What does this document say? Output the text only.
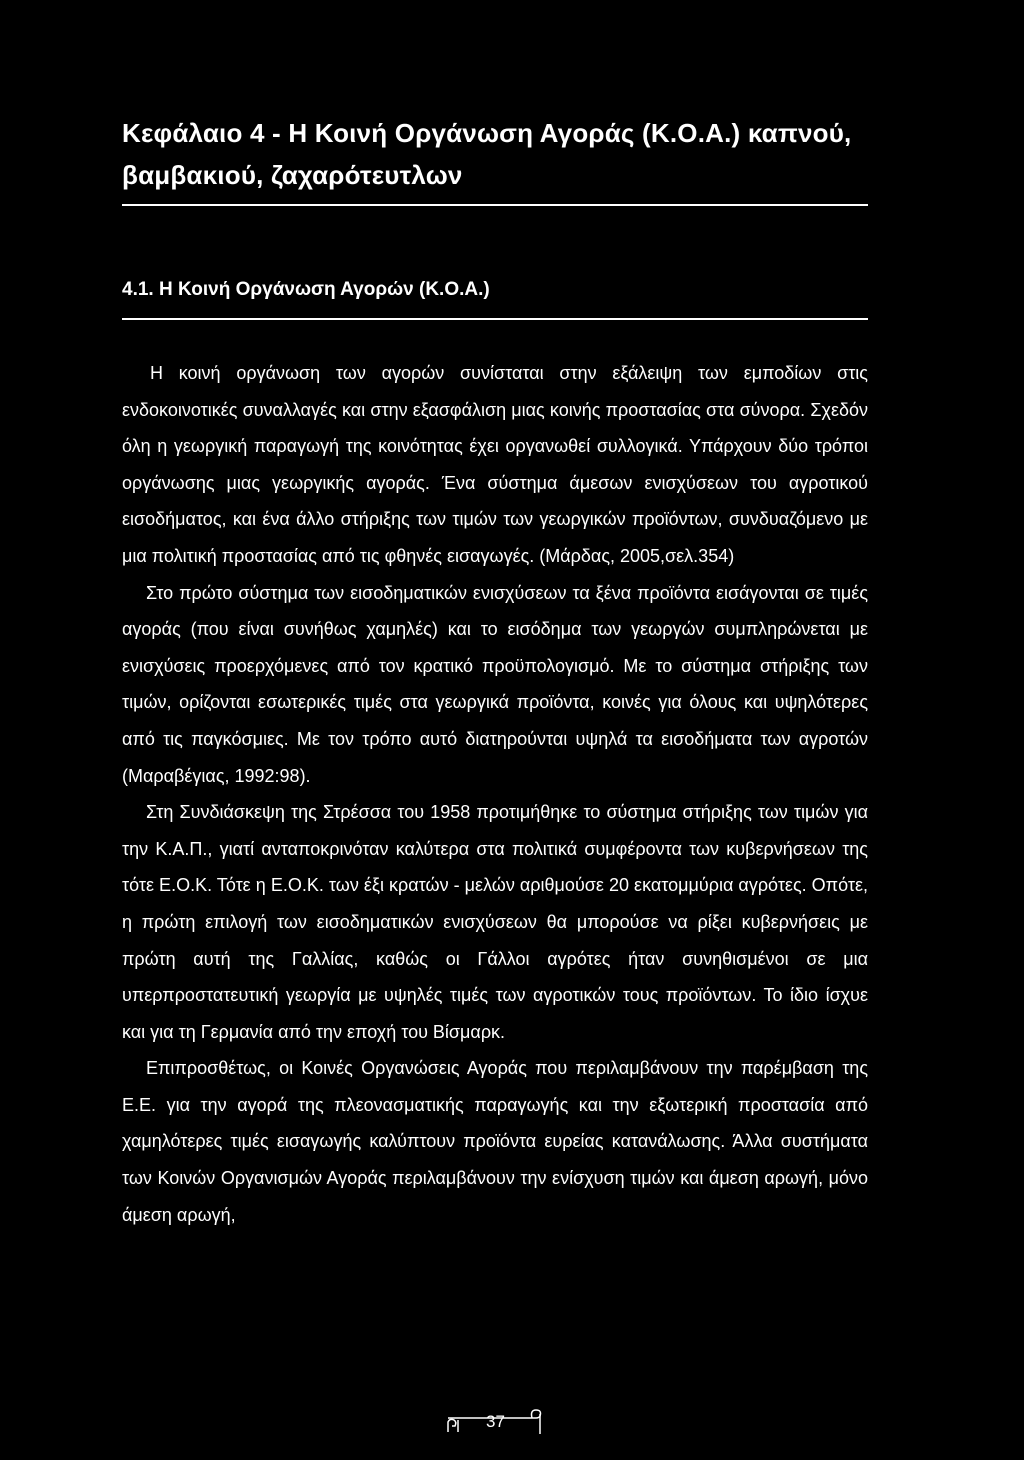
Κεφάλαιο 4 - Η Κοινή Οργάνωση Αγοράς (Κ.Ο.Α.) καπνού, βαμβακιού, ζαχαρότευτλων
4.1. Η Κοινή Οργάνωση Αγορών (Κ.Ο.Α.)

Η κοινή οργάνωση των αγορών συνίσταται στην εξάλειψη των εμποδίων στις ενδοκοινοτικές συναλλαγές και στην εξασφάλιση μιας κοινής προστασίας στα σύνορα. Σχεδόν όλη η γεωργική παραγωγή της κοινότητας έχει οργανωθεί συλλογικά. Υπάρχουν δύο τρόποι οργάνωσης μιας γεωργικής αγοράς. Ένα σύστημα άμεσων ενισχύσεων του αγροτικού εισοδήματος, και ένα άλλο στήριξης των τιμών των γεωργικών προϊόντων, συνδυαζόμενο με μια πολιτική προστασίας από τις φθηνές εισαγωγές. (Μάρδας, 2005,σελ.354)

Στο πρώτο σύστημα των εισοδηματικών ενισχύσεων τα ξένα προϊόντα εισάγονται σε τιμές αγοράς (που είναι συνήθως χαμηλές) και το εισόδημα των γεωργών συμπληρώνεται με ενισχύσεις προερχόμενες από τον κρατικό προϋπολογισμό. Με το σύστημα στήριξης των τιμών, ορίζονται εσωτερικές τιμές στα γεωργικά προϊόντα, κοινές για όλους και υψηλότερες από τις παγκόσμιες. Με τον τρόπο αυτό διατηρούνται υψηλά τα εισοδήματα των αγροτών (Μαραβέγιας, 1992:98).

Στη Συνδιάσκεψη της Στρέσσα του 1958 προτιμήθηκε το σύστημα στήριξης των τιμών για την Κ.Α.Π., γιατί ανταποκρινόταν καλύτερα στα πολιτικά συμφέροντα των κυβερνήσεων της τότε Ε.Ο.Κ. Τότε η Ε.Ο.Κ. των έξι κρατών - μελών αριθμούσε 20 εκατομμύρια αγρότες. Οπότε, η πρώτη επιλογή των εισοδηματικών ενισχύσεων θα μπορούσε να ρίξει κυβερνήσεις με πρώτη αυτή της Γαλλίας, καθώς οι Γάλλοι αγρότες ήταν συνηθισμένοι σε μια υπερπροστατευτική γεωργία με υψηλές τιμές των αγροτικών τους προϊόντων. Το ίδιο ίσχυε και για τη Γερμανία από την εποχή του Βίσμαρκ.

Επιπροσθέτως, οι Κοινές Οργανώσεις Αγοράς που περιλαμβάνουν την παρέμβαση της Ε.Ε. για την αγορά της πλεονασματικής παραγωγής και την εξωτερική προστασία από χαμηλότερες τιμές εισαγωγής καλύπτουν προϊόντα ευρείας κατανάλωσης. Άλλα συστήματα των Κοινών Οργανισμών Αγοράς περιλαμβάνουν την ενίσχυση τιμών και άμεση αρωγή, μόνο άμεση αρωγή,

37
